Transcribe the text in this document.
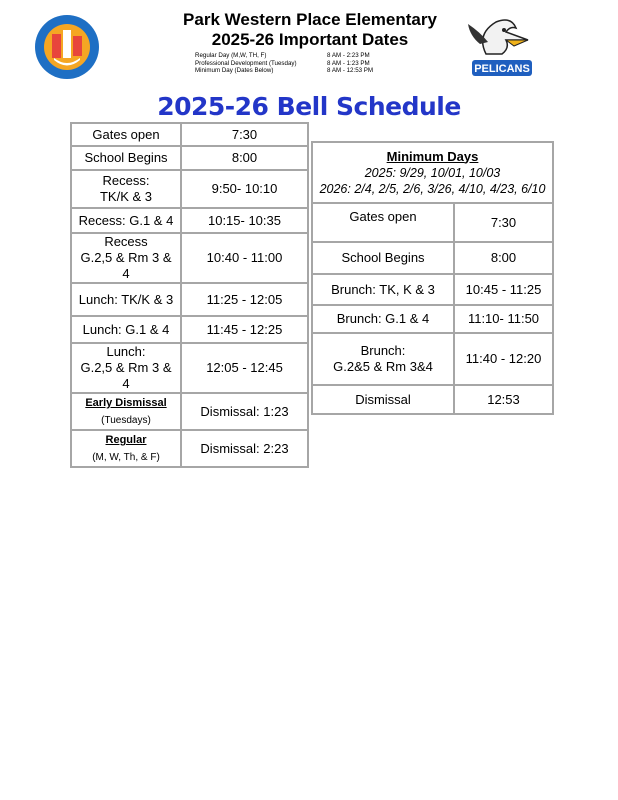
Park Western Place Elementary
2025-26 Important Dates
Regular Day (M,W, TH, F)	8 AM - 2:23 PM
Professional Development (Tuesday)	8 AM - 1:23 PM
Minimum Day (Dates Below)	8 AM - 12:53 PM	PELICANS
2025-26 Bell Schedule
Gates open	7:30
School Begins	8:00
Recess:
TK/K & 3	9:50- 10:10
Recess: G.1 & 4	10:15- 10:35
Recess
G.2,5 & Rm 3 & 4	10:40 - 11:00
Lunch: TK/K & 3	11:25 - 12:05
Lunch: G.1 & 4	11:45 - 12:25
Lunch:
G.2,5 & Rm 3 & 4	12:05 - 12:45
Early Dismissal
(Tuesdays)	Dismissal: 1:23
Regular
(M, W, Th, & F)	Dismissal: 2:23
Minimum Days
2025: 9/29, 10/01, 10/03
2026: 2/4, 2/5, 2/6, 3/26, 4/10, 4/23, 6/10	
Gates open	7:30
School Begins	8:00
Brunch: TK, K & 3	10:45 - 11:25
Brunch: G.1 & 4	11:10- 11:50
Brunch:
G.2&5 & Rm 3&4	11:40 - 12:20
Dismissal	12:53
